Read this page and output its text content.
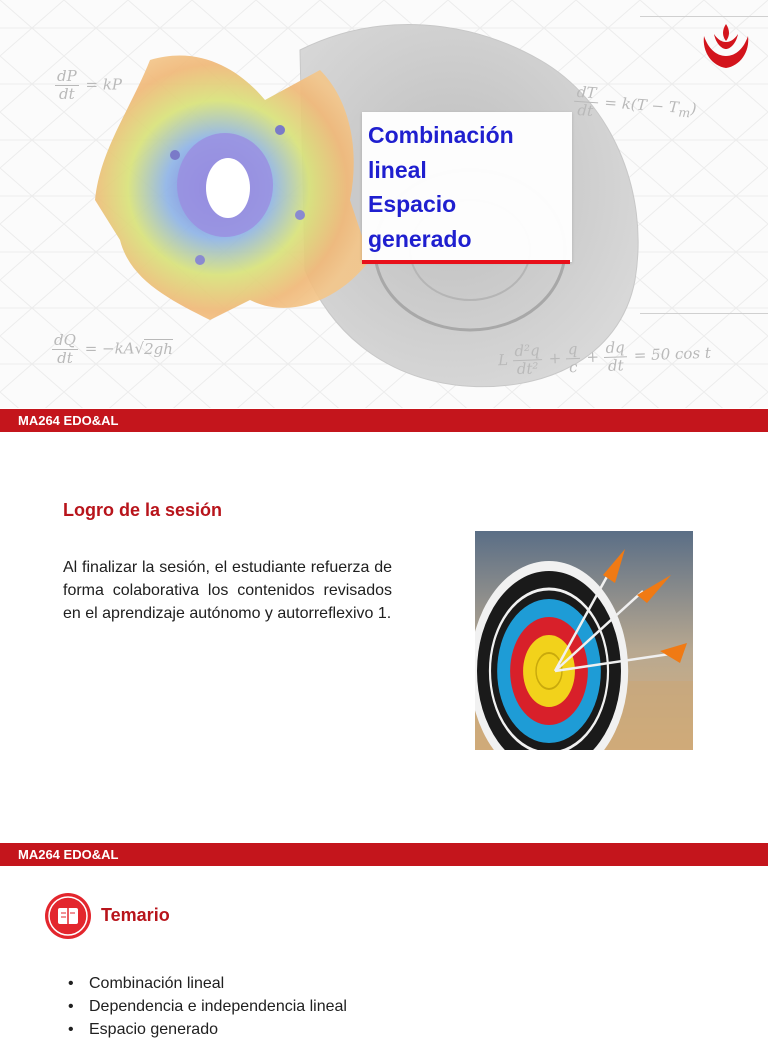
$\frac{dP}{dt}$ = kP	$\frac{dT}{dt} = k(T - T_m)$
$\frac{dQ}{dt} = -kA√2gh$
L $\frac{\text{d²q}}{\text{dt²}} + \frac{q}{c} + \frac{dq}{dt} = 50$ cos t
Combinación
lineal
Espacio
generado
MA264 EDO&AL
Logro de la sesión
Al finalizar la sesión, el estudiante refuerza de forma colaborativa los contenidos revisados en el aprendizaje autónomo y autorreflexivo 1.
MA264 EDO&AL
Temario
• Combinación lineal
• Dependencia e independencia lineal
• Espacio generado
